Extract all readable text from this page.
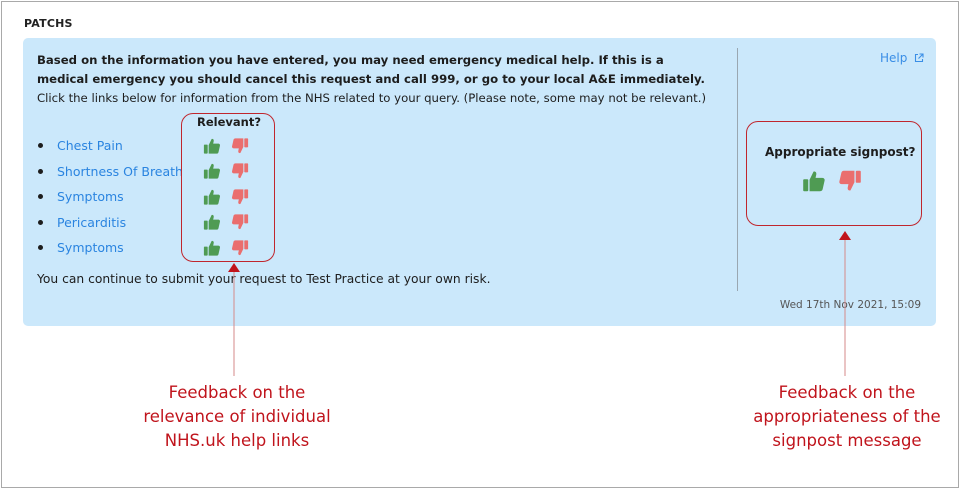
PATCHS

Based on the information you have entered, you may need emergency medical help. If this is a medical emergency you should cancel this request and call 999, or go to your local A&E immediately. Click the links below for information from the NHS related to your query. (Please note, some may not be relevant.)

Help
Relevant?
Chest Pain
Shortness Of Breath
Symptoms
Pericarditis
Symptoms

You can continue to submit your request to Test Practice at your own risk.

Wed 17th Nov 2021, 15:09
Appropriate signpost?

Feedback on the relevance of individual NHS.uk help links

Feedback on the appropriateness of the signpost message
